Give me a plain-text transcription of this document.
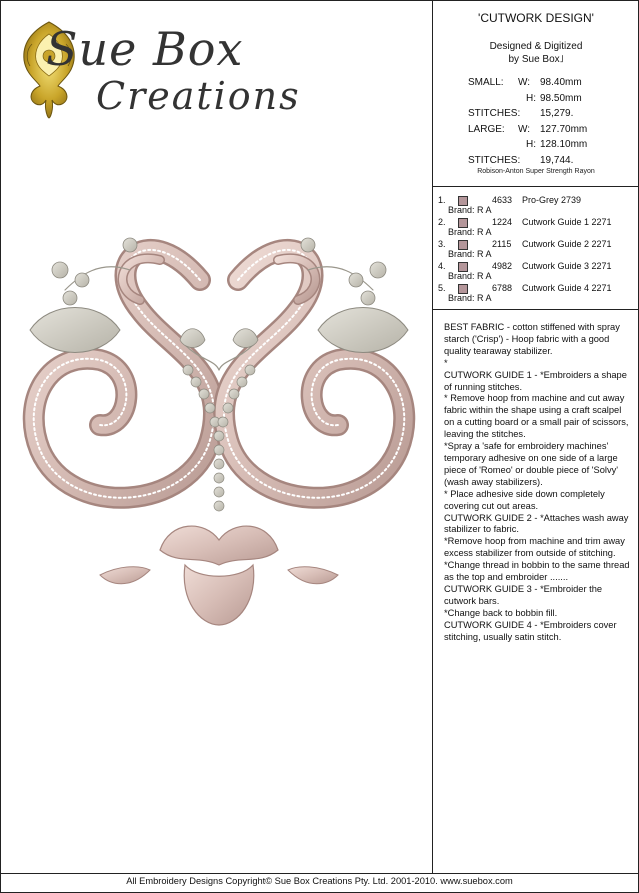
Sue Box
Creations
'CUTWORK DESIGN'
Designed & Digitized
by Sue Box˩
SMALL:	W: 98.40mm
H: 98.50mm
STITCHES:	15,279.
LARGE:	W: 127.70mm
H: 128.10mm
STITCHES:	19,744.
Robison-Anton Super Strength Rayon
1.	4633 Pro-Grey 2739
Brand: R A
2.	1224 Cutwork Guide 1 2271
Brand: R A
3.	2115 Cutwork Guide 2 2271
Brand: R A
4.	4982 Cutwork Guide 3 2271
Brand: R A
5.	6788 Cutwork Guide 4 2271
Brand: R A

BEST FABRIC - cotton stiffened with spray starch ('Crisp') - Hoop fabric with a good quality tearaway stabilizer.

*

CUTWORK GUIDE 1 - *Embroiders a shape of running stitches.

* Remove hoop from machine and cut away fabric within the shape using a craft scalpel on a cutting board or a small pair of scissors, leaving the stitches.

*Spray a 'safe for embroidery machines' temporary adhesive on one side of a large piece of 'Romeo' or double piece of 'Solvy' (wash away stabilizers).

* Place adhesive side down completely covering cut out areas.

CUTWORK GUIDE 2 - *Attaches wash away stabilizer to fabric.

*Remove hoop from machine and trim away excess stabilizer from outside of stitching.

*Change thread in bobbin to the same thread as the top and embroider .......

CUTWORK GUIDE 3 - *Embroider the cutwork bars.

*Change back to bobbin fill.

CUTWORK GUIDE 4 - *Embroiders cover stitching, usually satin stitch.

All Embroidery Designs Copyright© Sue Box Creations Pty. Ltd. 2001-2010. www.suebox.com
